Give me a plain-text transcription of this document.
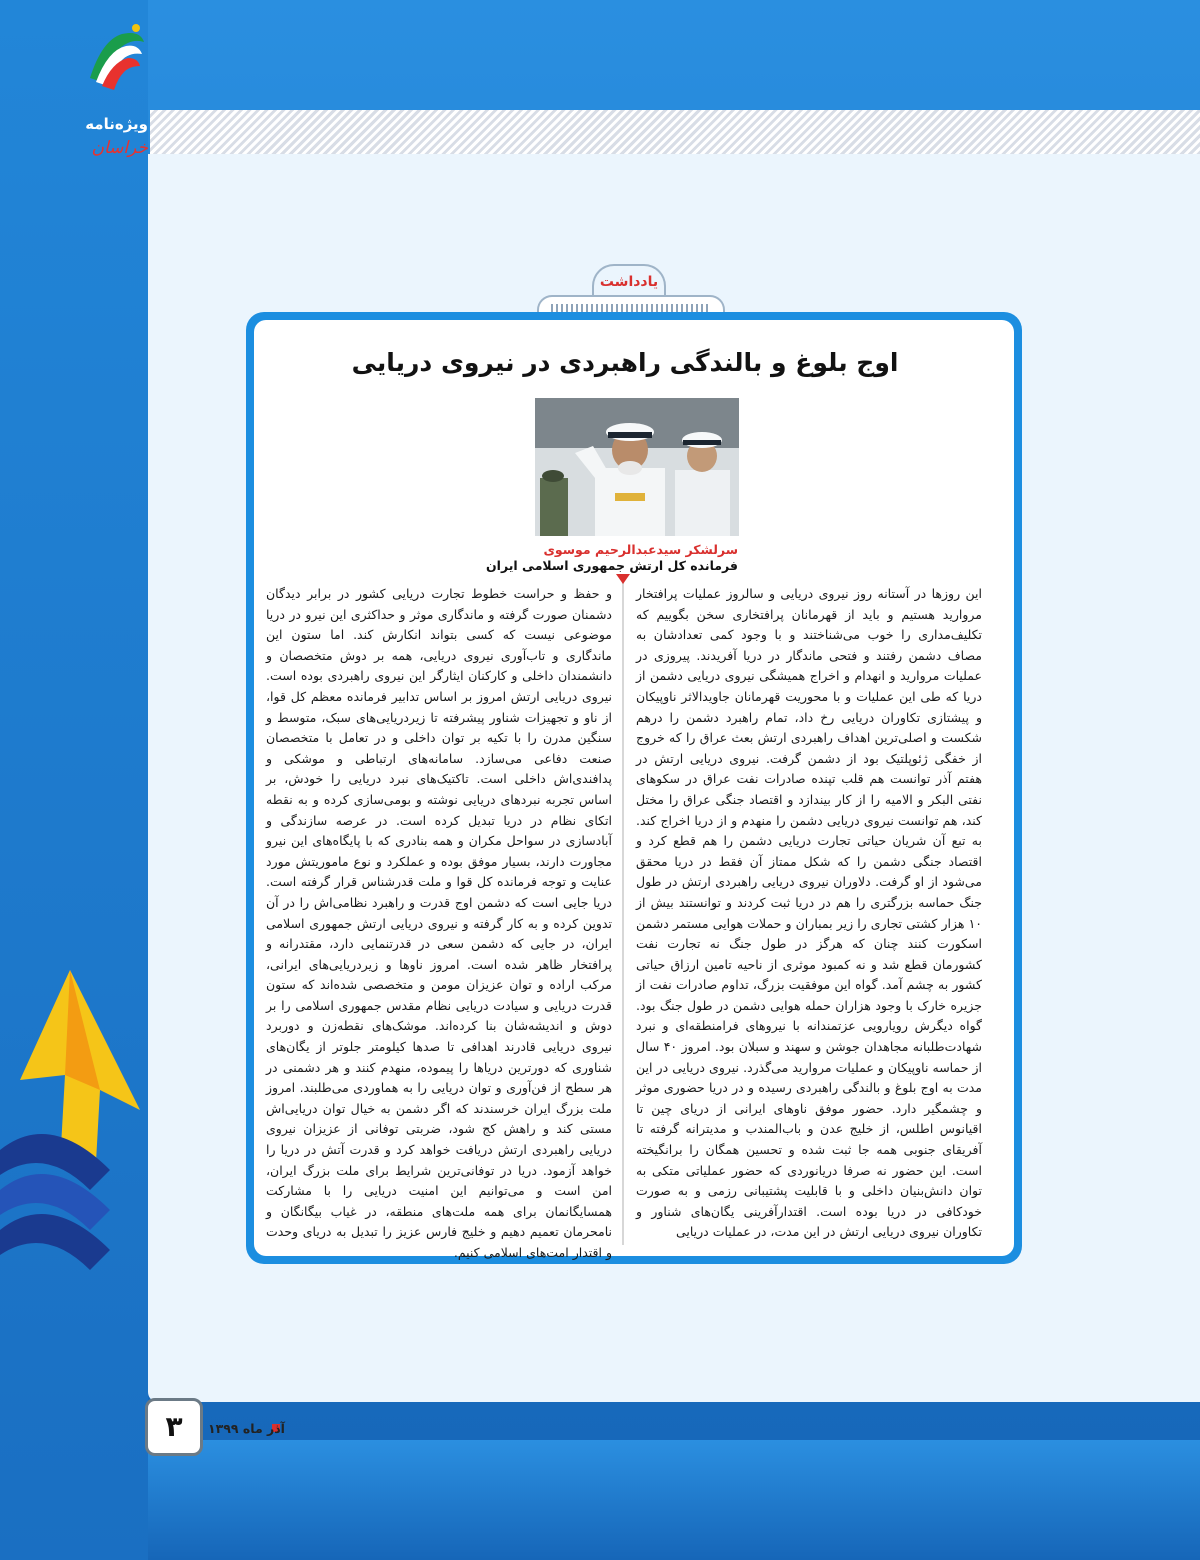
ویژه‌نامه
خراسان
یادداشت
اوج بلوغ و بالندگی راهبردی در نیروی دریایی
سرلشکر سیدعبدالرحیم موسوی
فرمانده کل ارتش جمهوری اسلامی ایران

این روزها در آستانه روز نیروی دریایی و سالروز عملیات پرافتخار مروارید هستیم و باید از قهرمانان پرافتخاری سخن بگوییم که تکلیف‌مداری را خوب می‌شناختند و با وجود کمی تعدادشان به مصاف دشمن رفتند و فتحی ماندگار در دریا آفریدند. پیروزی در عملیات مروارید و انهدام و اخراج همیشگی نیروی دریایی دشمن از دریا که طی این عملیات و با محوریت قهرمانان جاویدالاثر ناوپیکان و پیشتازی تکاوران دریایی رخ داد، تمام راهبرد دشمن را درهم شکست و اصلی‌ترین اهداف راهبردی ارتش بعث عراق را که خروج از خفگی ژئوپلتیک بود از دشمن گرفت. نیروی دریایی ارتش در هفتم آذر توانست هم قلب تپنده صادرات نفت عراق در سکوهای نفتی البکر و الامیه را از کار بیندازد و اقتصاد جنگی عراق را مختل کند، هم توانست نیروی دریایی دشمن را منهدم و از دریا اخراج کند. به تبع آن شریان حیاتی تجارت دریایی دشمن را هم قطع کرد و اقتصاد جنگی دشمن را که شکل ممتاز آن فقط در دریا محقق می‌شود از او گرفت. دلاوران نیروی دریایی راهبردی ارتش در طول جنگ حماسه بزرگتری را هم در دریا ثبت کردند و توانستند بیش از ۱۰ هزار کشتی تجاری را زیر بمباران و حملات هوایی مستمر دشمن اسکورت کنند چنان که هرگز در طول جنگ نه تجارت نفت کشورمان قطع شد و نه کمبود موثری از ناحیه تامین ارزاق حیاتی کشور به چشم آمد. گواه این موفقیت بزرگ، تداوم صادرات نفت از جزیره خارک با وجود هزاران حمله هوایی دشمن در طول جنگ بود. گواه دیگرش رویارویی عزتمندانه با نیروهای فرامنطقه‌ای و نبرد شهادت‌طلبانه مجاهدان جوشن و سهند و سبلان بود. امروز ۴۰ سال از حماسه ناوپیکان و عملیات مروارید می‌گذرد. نیروی دریایی در این مدت به اوج بلوغ و بالندگی راهبردی رسیده و در دریا حضوری موثر و چشمگیر دارد. حضور موفق ناوهای ایرانی از دریای چین تا اقیانوس اطلس، از خلیج عدن و باب‌المندب و مدیترانه گرفته تا آفریقای جنوبی همه جا ثبت شده و تحسین همگان را برانگیخته است. این حضور نه صرفا دریانوردی که حضور عملیاتی متکی به توان دانش‌بنیان داخلی و با قابلیت پشتیبانی رزمی و به صورت خودکافی در دریا بوده است. اقتدارآفرینی یگان‌های شناور و تکاوران نیروی دریایی ارتش در این مدت، در عملیات دریایی

و حفظ و حراست خطوط تجارت دریایی کشور در برابر دیدگان دشمنان صورت گرفته و ماندگاری موثر و حداکثری این نیرو در دریا موضوعی نیست که کسی بتواند انکارش کند. اما ستون این ماندگاری و تاب‌آوری نیروی دریایی، همه بر دوش متخصصان و دانشمندان داخلی و کارکنان ایثارگر این نیروی راهبردی بوده است. نیروی دریایی ارتش امروز بر اساس تدابیر فرمانده معظم کل قوا، از ناو و تجهیزات شناور پیشرفته تا زیردریایی‌های سبک، متوسط و سنگین مدرن را با تکیه بر توان داخلی و در تعامل با متخصصان صنعت دفاعی می‌سازد. سامانه‌های ارتباطی و موشکی و پدافندی‌اش داخلی است. تاکتیک‌های نبرد دریایی را خودش، بر اساس تجربه نبردهای دریایی نوشته و بومی‌سازی کرده و به نقطه اتکای نظام در دریا تبدیل کرده است. در عرصه سازندگی و آبادسازی در سواحل مکران و همه بنادری که با پایگاه‌های این نیرو مجاورت دارند، بسیار موفق بوده و عملکرد و نوع ماموریتش مورد عنایت و توجه فرمانده کل قوا و ملت قدرشناس قرار گرفته است. دریا جایی است که دشمن اوج قدرت و راهبرد نظامی‌اش را در آن تدوین کرده و به کار گرفته و نیروی دریایی ارتش جمهوری اسلامی ایران، در جایی که دشمن سعی در قدرتنمایی دارد، مقتدرانه و پرافتخار ظاهر شده است. امروز ناوها و زیردریایی‌های ایرانی، مرکب اراده و توان عزیزان مومن و متخصصی شده‌اند که ستون قدرت دریایی و سیادت دریایی نظام مقدس جمهوری اسلامی را بر دوش و اندیشه‌شان بنا کرده‌اند. موشک‌های نقطه‌زن و دوربرد نیروی دریایی قادرند اهدافی تا صدها کیلومتر جلوتر از یگان‌های شناوری که دورترین دریاها را پیموده، منهدم کنند و هر دشمنی در هر سطح از فن‌آوری و توان دریایی را به هماوردی می‌طلبند. امروز ملت بزرگ ایران خرسندند که اگر دشمن به خیال توان دریایی‌اش مستی کند و راهش کج شود، ضربتی توفانی از عزیزان نیروی دریایی راهبردی ارتش دریافت خواهد کرد و قدرت آتش در دریا را خواهد آزمود. دریا در توفانی‌ترین شرایط برای ملت بزرگ ایران، امن است و می‌توانیم این امنیت دریایی را با مشارکت همسایگانمان برای همه ملت‌های منطقه، در غیاب بیگانگان و نامحرمان تعمیم دهیم و خلیج فارس عزیز را تبدیل به دریای وحدت و اقتدار امت‌های اسلامی کنیم.

۳	آذر ماه ۱۳۹۹
